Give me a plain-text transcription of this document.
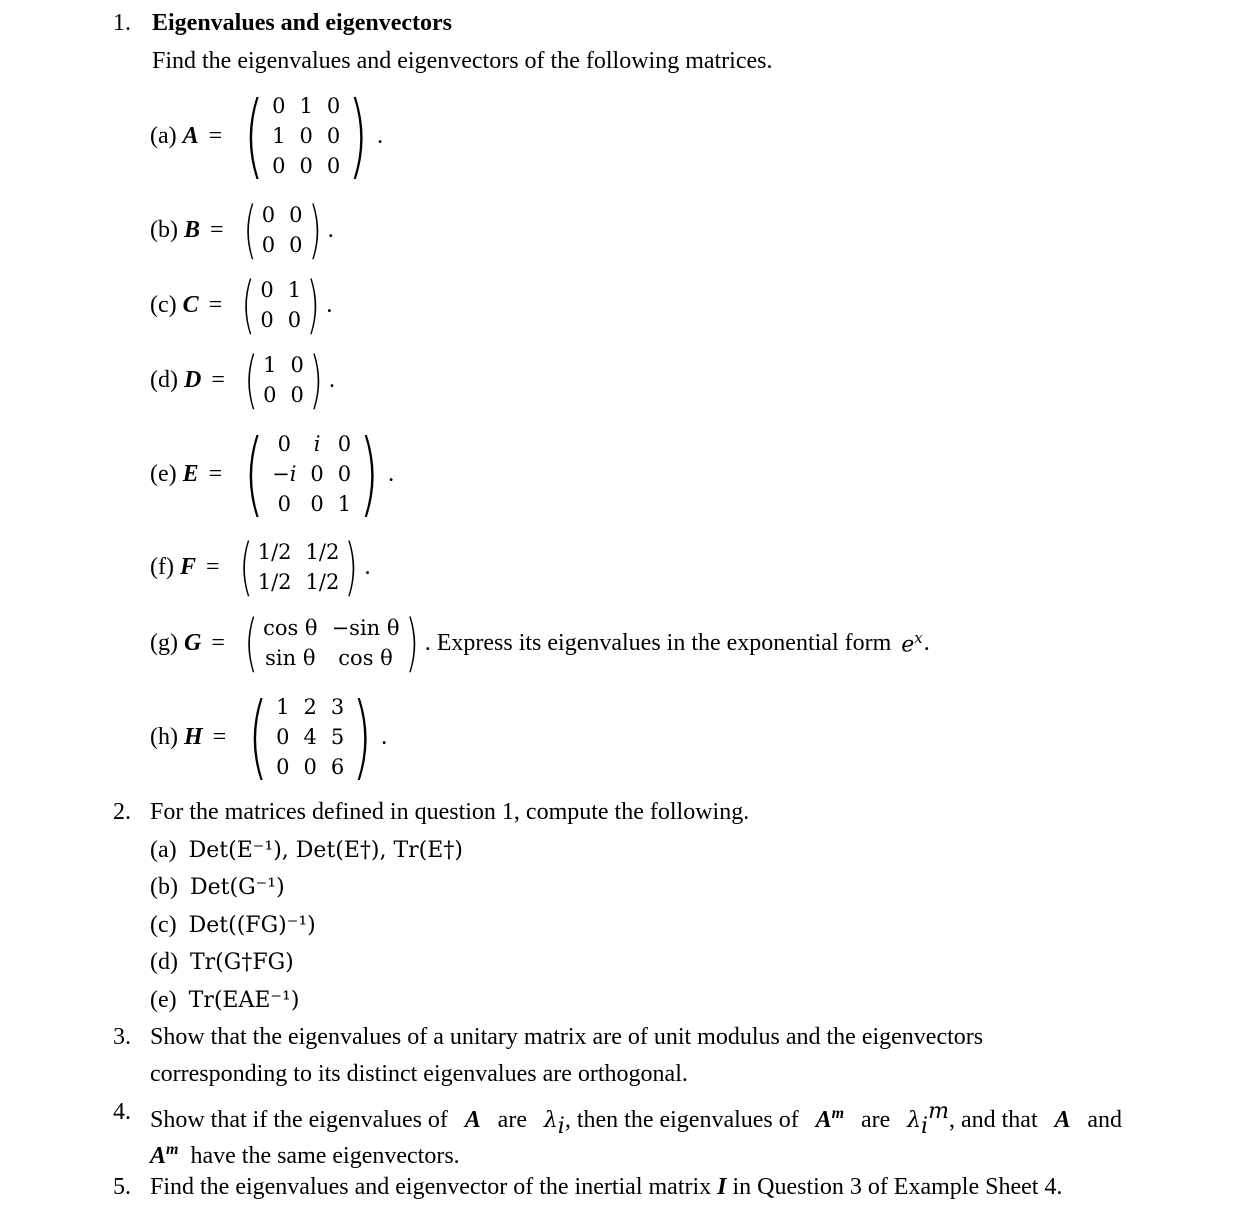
1. Eigenvalues and eigenvectors
Find the eigenvalues and eigenvectors of the following matrices.
(a) A = ( 0 1 0
1 0 0
0 0 0 ) .
(b) B = ( 0 0
0 0 ) .
(c) C = ( 0 1
0 0 ) .
(d) D = ( 1 0
0 0 ) .
(e) E = ( 0 i 0
−i 0 0
0 0 1 ) .
(f) F = ( 1/2 1/2
1/2 1/2 ) .
(g) G = ( cos θ −sin θ
sin θ	cos θ ) . Express its eigenvalues in the exponential form $e^x$ .
(h) H = ( 1 2 3
0 4 5
0 0 6 ) .
2. For the matrices defined in question 1, compute the following.
(a) Det(E⁻¹), Det(E†), Tr(E†)
(b) Det(G⁻¹)
(c) Det((FG)⁻¹)
(d) Tr(G†FG)
(e) Tr(EAE⁻¹)
3. Show that the eigenvalues of a unitary matrix are of unit modulus and the eigenvectors
corresponding to its distinct eigenvalues are orthogonal.
4. Show that if the eigenvalues of A are $\lambda_i$, then the eigenvalues of $A^m$ are $\lambda_i^m$, and that A and
$A^m$ have the same eigenvectors.
5. Find the eigenvalues and eigenvector of the inertial matrix I in Question 3 of Example Sheet 4.
